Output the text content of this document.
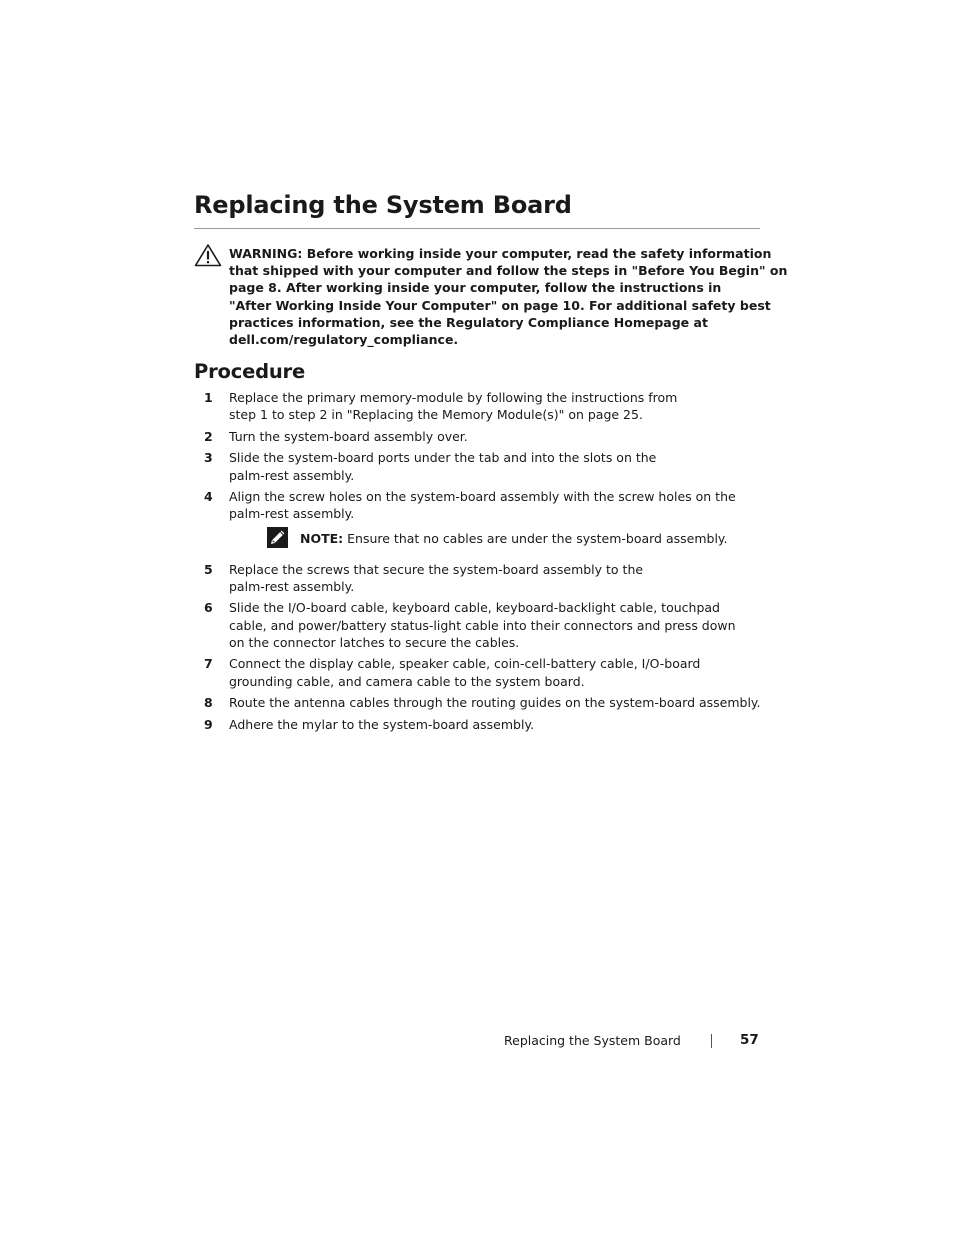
Replacing the System Board

WARNING: Before working inside your computer, read the safety information
that shipped with your computer and follow the steps in "Before You Begin" on
page 8. After working inside your computer, follow the instructions in
"After Working Inside Your Computer" on page 10. For additional safety best
practices information, see the Regulatory Compliance Homepage at
dell.com/regulatory_compliance.

Procedure
1 Replace the primary memory-module by following the instructions from
step 1 to step 2 in "Replacing the Memory Module(s)" on page 25.
2 Turn the system-board assembly over.
3 Slide the system-board ports under the tab and into the slots on the
palm-rest assembly.
4 Align the screw holes on the system-board assembly with the screw holes on the
palm-rest assembly.
NOTE: Ensure that no cables are under the system-board assembly.
5 Replace the screws that secure the system-board assembly to the
palm-rest assembly.
6 Slide the I/O-board cable, keyboard cable, keyboard-backlight cable, touchpad
cable, and power/battery status-light cable into their connectors and press down
on the connector latches to secure the cables.
7 Connect the display cable, speaker cable, coin-cell-battery cable, I/O-board
grounding cable, and camera cable to the system board.
8 Route the antenna cables through the routing guides on the system-board assembly.
9 Adhere the mylar to the system-board assembly.
Replacing the System Board	57
